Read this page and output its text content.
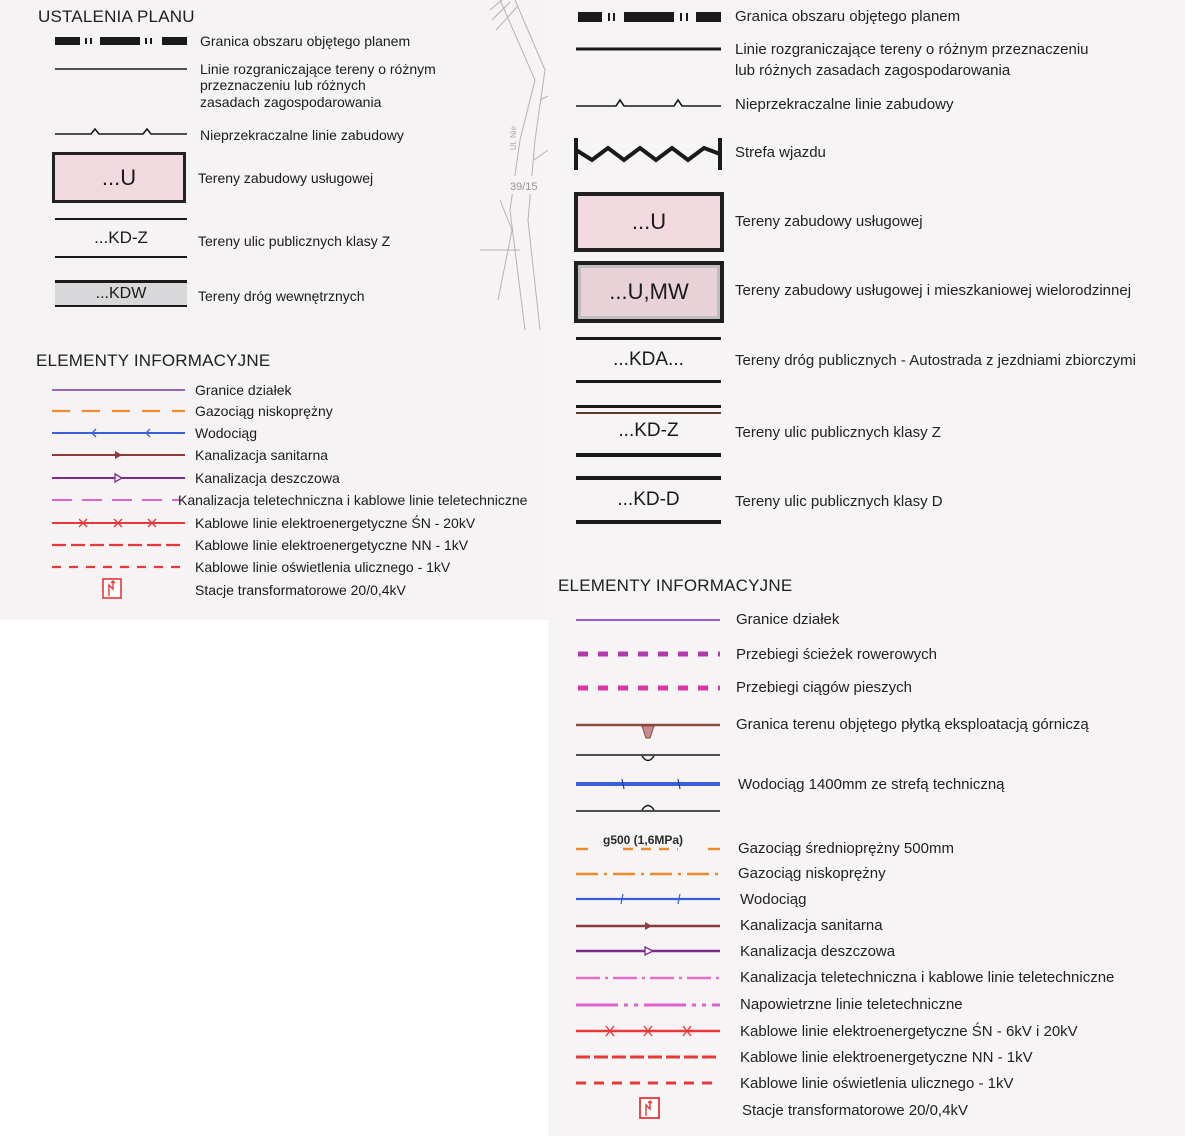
39/15
Ul. Nie
USTALENIA PLANU
Granica obszaru objętego planem
Linie rozgraniczające tereny o różnym
przeznaczeniu lub różnych
zasadach zagospodarowania
Nieprzekraczalne linie zabudowy
...U	Tereny zabudowy usługowej
...KD-Z	Tereny ulic publicznych klasy Z
...KDW	Tereny dróg wewnętrznych
ELEMENTY INFORMACYJNE
Granice działek
Gazociąg niskoprężny
Wodociąg
Kanalizacja sanitarna
Kanalizacja deszczowa
Kanalizacja teletechniczna i kablowe linie teletechniczne
Kablowe linie elektroenergetyczne ŚN - 20kV
Kablowe linie elektroenergetyczne NN - 1kV
Kablowe linie oświetlenia ulicznego - 1kV
Stacje transformatorowe 20/0,4kV
Granica obszaru objętego planem
Linie rozgraniczające tereny o różnym przeznaczeniu
lub różnych zasadach zagospodarowania
Nieprzekraczalne linie zabudowy
Strefa wjazdu
...U	Tereny zabudowy usługowej
...U,MW	Tereny zabudowy usługowej i mieszkaniowej wielorodzinnej
...KDA...	Tereny dróg publicznych - Autostrada z jezdniami zbiorczymi
...KD-Z	Tereny ulic publicznych klasy Z
...KD-D	Tereny ulic publicznych klasy D
ELEMENTY INFORMACYJNE
g500 (1,6MPa)
Granice działek
Przebiegi ścieżek rowerowych
Przebiegi ciągów pieszych
Granica terenu objętego płytką eksploatacją górniczą
Wodociąg 1400mm ze strefą techniczną
Gazociąg średnioprężny 500mm
Gazociąg niskoprężny
Wodociąg
Kanalizacja sanitarna
Kanalizacja deszczowa
Kanalizacja teletechniczna i kablowe linie teletechniczne
Napowietrzne linie teletechniczne
Kablowe linie elektroenergetyczne ŚN - 6kV i 20kV
Kablowe linie elektroenergetyczne NN - 1kV
Kablowe linie oświetlenia ulicznego - 1kV
Stacje transformatorowe 20/0,4kV
